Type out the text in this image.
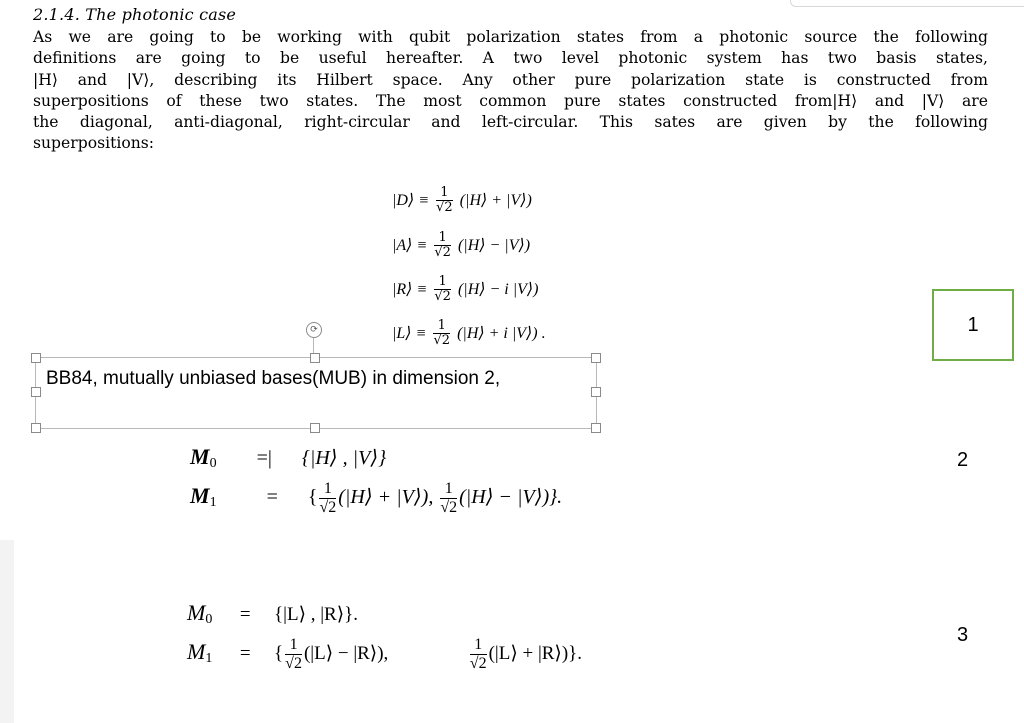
2.1.4. The photonic case
As we are going to be working with qubit polarization states from a photonic source the following
definitions are going to be useful hereafter. A two level photonic system has two basis states,
|H⟩ and |V⟩, describing its Hilbert space. Any other pure polarization state is constructed from
superpositions of these two states. The most common pure states constructed from|H⟩ and |V⟩ are
the diagonal, anti-diagonal, right-circular and left-circular. This sates are given by the following
superpositions:
|D⟩ ≡ $\frac{1}{√2}$ (|H⟩ + |V⟩)
|A⟩ ≡ $\frac{1}{√2}$ (|H⟩ − |V⟩)
|R⟩ ≡ $\frac{1}{√2}$ (|H⟩ − i |V⟩)
|L⟩ ≡ $\frac{1}{√2}$ (|H⟩ + i |V⟩) .
⟳
BB84, mutually unbiased bases(MUB) in dimension 2,
1
2
3
$M_0$ =| {|H⟩ , |V⟩}
$M_1$	= { $\frac{1}{√2}$ (|H⟩ + |V⟩), $\frac{1}{√2}$ (|H⟩ − |V⟩)}.
$M_0$ = {|L⟩ , |R⟩}.
$M_1$ = { $\frac{1}{√2}$ (|L⟩ − |R⟩),	$\frac{1}{√2}$ (|L⟩ + |R⟩)}.
